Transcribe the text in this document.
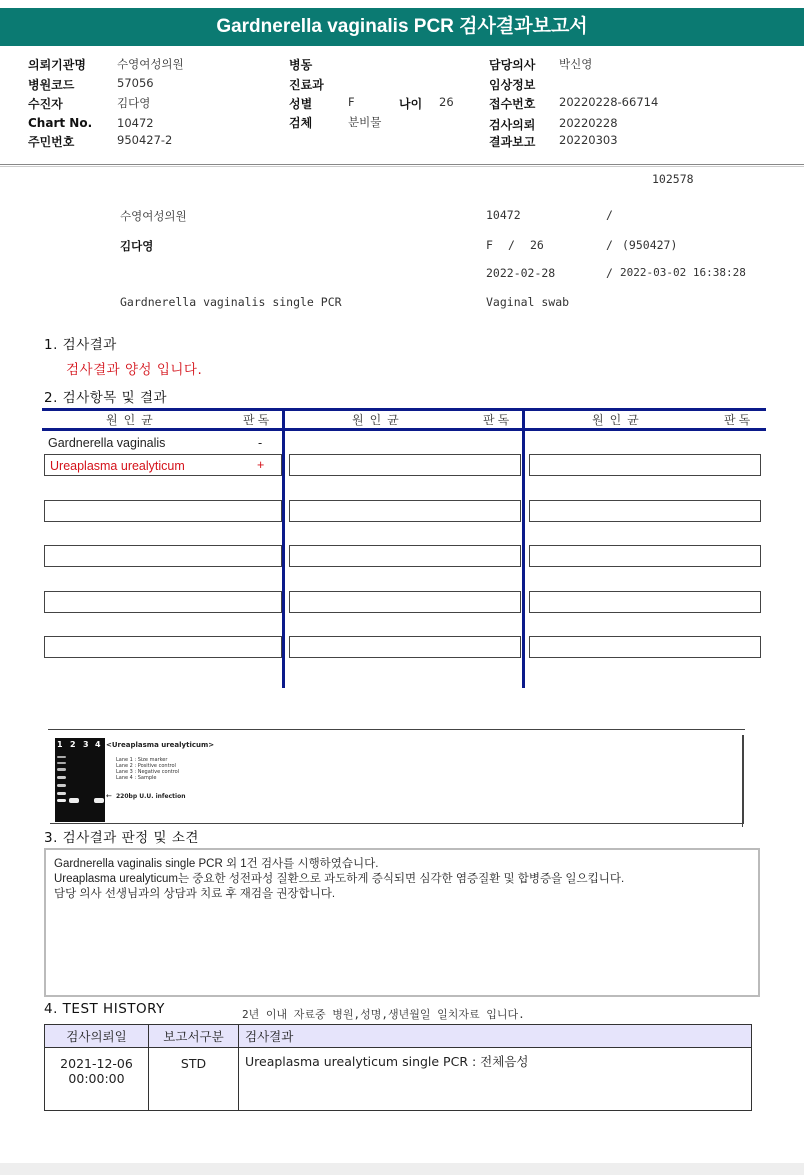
Gardnerella vaginalis PCR 검사결과보고서
의뢰기관명	수영여성의원
병원코드	57056
수진자	김다영
Chart No. 10472
주민번호	950427-2
병동
진료과
성별	F	나이 26
검체	분비물
담당의사 박신영
임상정보
접수번호 20220228-66714
검사의뢰 20220228
결과보고 20220303
102578
수영여성의원	10472	/
김다영	F / 26	/ (950427)
2022-02-28	/ 2022-03-02 16:38:28
Gardnerella vaginalis single PCR	Vaginal swab
1. 검사결과
검사결과 양성 입니다.
2. 검사항목 및 결과
원인균	판독	원인균	판독	원인균	판독
Gardnerella vaginalis	-
Ureaplasma urealyticum	+
1 2 3 4 <Ureaplasma urealyticum>
Lane 1 : Size marker
Lane 2 : Positive control
Lane 3 : Negative control
Lane 4 : Sample
← 220bp U.U. infection
3. 검사결과 판정 및 소견

Gardnerella vaginalis single PCR 외 1건 검사를 시행하였습니다.

Ureaplasma urealyticum는 중요한 성전파성 질환으로 과도하게 증식되면 심각한 염증질환 및 합병증을 일으킵니다.

담당 의사 선생님과의 상담과 치료 후 재검을 권장합니다.

4. TEST HISTORY	2년 이내 자료중 병원,성명,생년월일 일치자료 입니다.
검사의뢰일	보고서구분	검사결과

2021-12-06
00:00:00	STD	Ureaplasma urealyticum single PCR : 전체음성
